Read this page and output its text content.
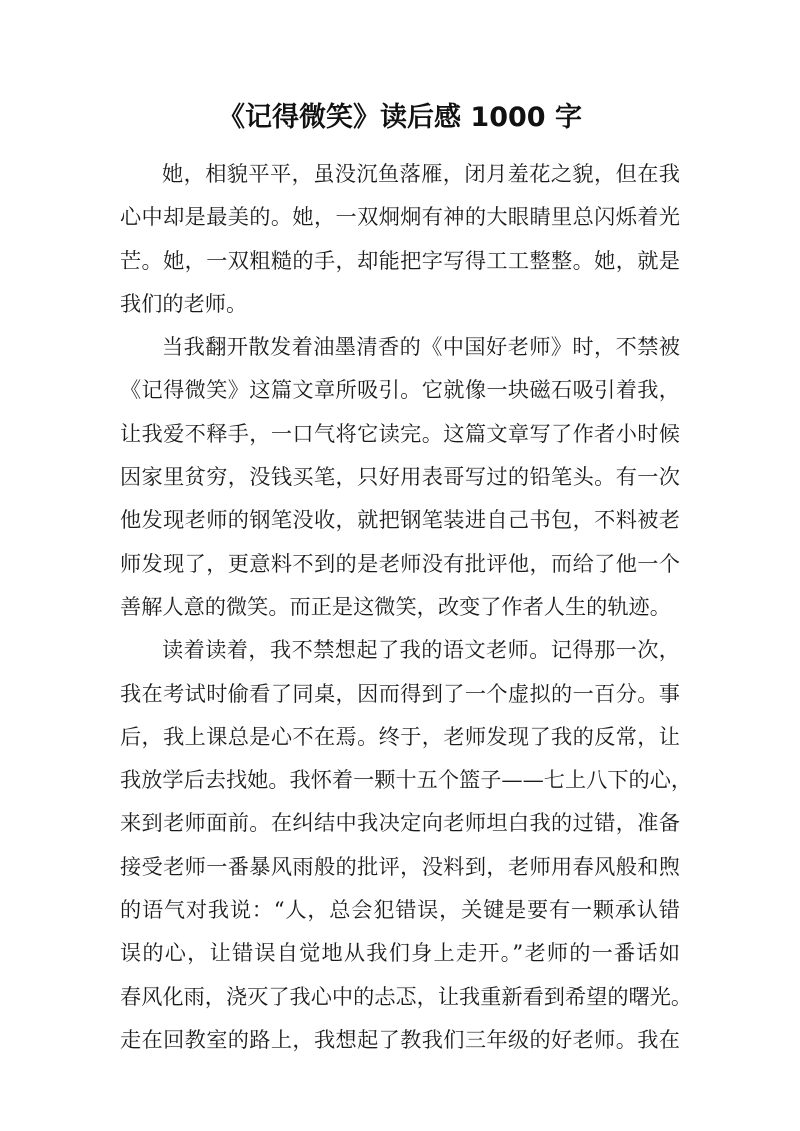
《记得微笑》读后感 1000 字
她，相貌平平，虽没沉鱼落雁，闭月羞花之貌，但在我
心中却是最美的。她，一双炯炯有神的大眼睛里总闪烁着光
芒。她，一双粗糙的手，却能把字写得工工整整。她，就是
我们的老师。
当我翻开散发着油墨清香的《中国好老师》时，不禁被
《记得微笑》这篇文章所吸引。它就像一块磁石吸引着我，
让我爱不释手，一口气将它读完。这篇文章写了作者小时候
因家里贫穷，没钱买笔，只好用表哥写过的铅笔头。有一次
他发现老师的钢笔没收，就把钢笔装进自己书包，不料被老
师发现了，更意料不到的是老师没有批评他，而给了他一个
善解人意的微笑。而正是这微笑，改变了作者人生的轨迹。
读着读着，我不禁想起了我的语文老师。记得那一次，
我在考试时偷看了同桌，因而得到了一个虚拟的一百分。事
后，我上课总是心不在焉。终于，老师发现了我的反常，让
我放学后去找她。我怀着一颗十五个篮子——七上八下的心，
来到老师面前。在纠结中我决定向老师坦白我的过错，准备
接受老师一番暴风雨般的批评，没料到，老师用春风般和煦
的语气对我说：“人，总会犯错误，关键是要有一颗承认错
误的心，让错误自觉地从我们身上走开。”老师的一番话如
春风化雨，浇灭了我心中的忐忑，让我重新看到希望的曙光。
走在回教室的路上，我想起了教我们三年级的好老师。我在
